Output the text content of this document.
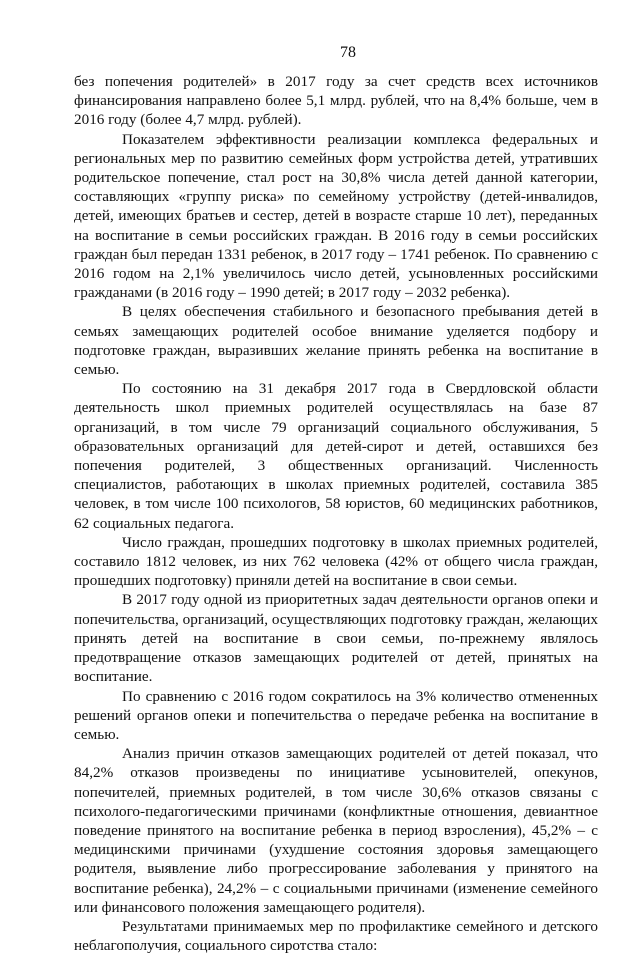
78

без попечения родителей» в 2017 году за счет средств всех источников финансирования направлено более 5,1 млрд. рублей, что на 8,4% больше, чем в 2016 году (более 4,7 млрд. рублей).

Показателем эффективности реализации комплекса федеральных и региональных мер по развитию семейных форм устройства детей, утративших родительское попечение, стал рост на 30,8% числа детей данной категории, составляющих «группу риска» по семейному устройству (детей-инвалидов, детей, имеющих братьев и сестер, детей в возрасте старше 10 лет), переданных на воспитание в семьи российских граждан. В 2016 году в семьи российских граждан был передан 1331 ребенок, в 2017 году – 1741 ребенок. По сравнению с 2016 годом на 2,1% увеличилось число детей, усыновленных российскими гражданами (в 2016 году – 1990 детей; в 2017 году – 2032 ребенка).

В целях обеспечения стабильного и безопасного пребывания детей в семьях замещающих родителей особое внимание уделяется подбору и подготовке граждан, выразивших желание принять ребенка на воспитание в семью.

По состоянию на 31 декабря 2017 года в Свердловской области деятельность школ приемных родителей осуществлялась на базе 87 организаций, в том числе 79 организаций социального обслуживания, 5 образовательных организаций для детей-сирот и детей, оставшихся без попечения родителей, 3 общественных организаций. Численность специалистов, работающих в школах приемных родителей, составила 385 человек, в том числе 100 психологов, 58 юристов, 60 медицинских работников, 62 социальных педагога.

Число граждан, прошедших подготовку в школах приемных родителей, составило 1812 человек, из них 762 человека (42% от общего числа граждан, прошедших подготовку) приняли детей на воспитание в свои семьи.

В 2017 году одной из приоритетных задач деятельности органов опеки и попечительства, организаций, осуществляющих подготовку граждан, желающих принять детей на воспитание в свои семьи, по-прежнему являлось предотвращение отказов замещающих родителей от детей, принятых на воспитание.

По сравнению с 2016 годом сократилось на 3% количество отмененных решений органов опеки и попечительства о передаче ребенка на воспитание в семью.

Анализ причин отказов замещающих родителей от детей показал, что 84,2% отказов произведены по инициативе усыновителей, опекунов, попечителей, приемных родителей, в том числе 30,6% отказов связаны с психолого-педагогическими причинами (конфликтные отношения, девиантное поведение принятого на воспитание ребенка в период взросления), 45,2% – с медицинскими причинами (ухудшение состояния здоровья замещающего родителя, выявление либо прогрессирование заболевания у принятого на воспитание ребенка), 24,2% – с социальными причинами (изменение семейного или финансового положения замещающего родителя).

Результатами принимаемых мер по профилактике семейного и детского неблагополучия, социального сиротства стало:
